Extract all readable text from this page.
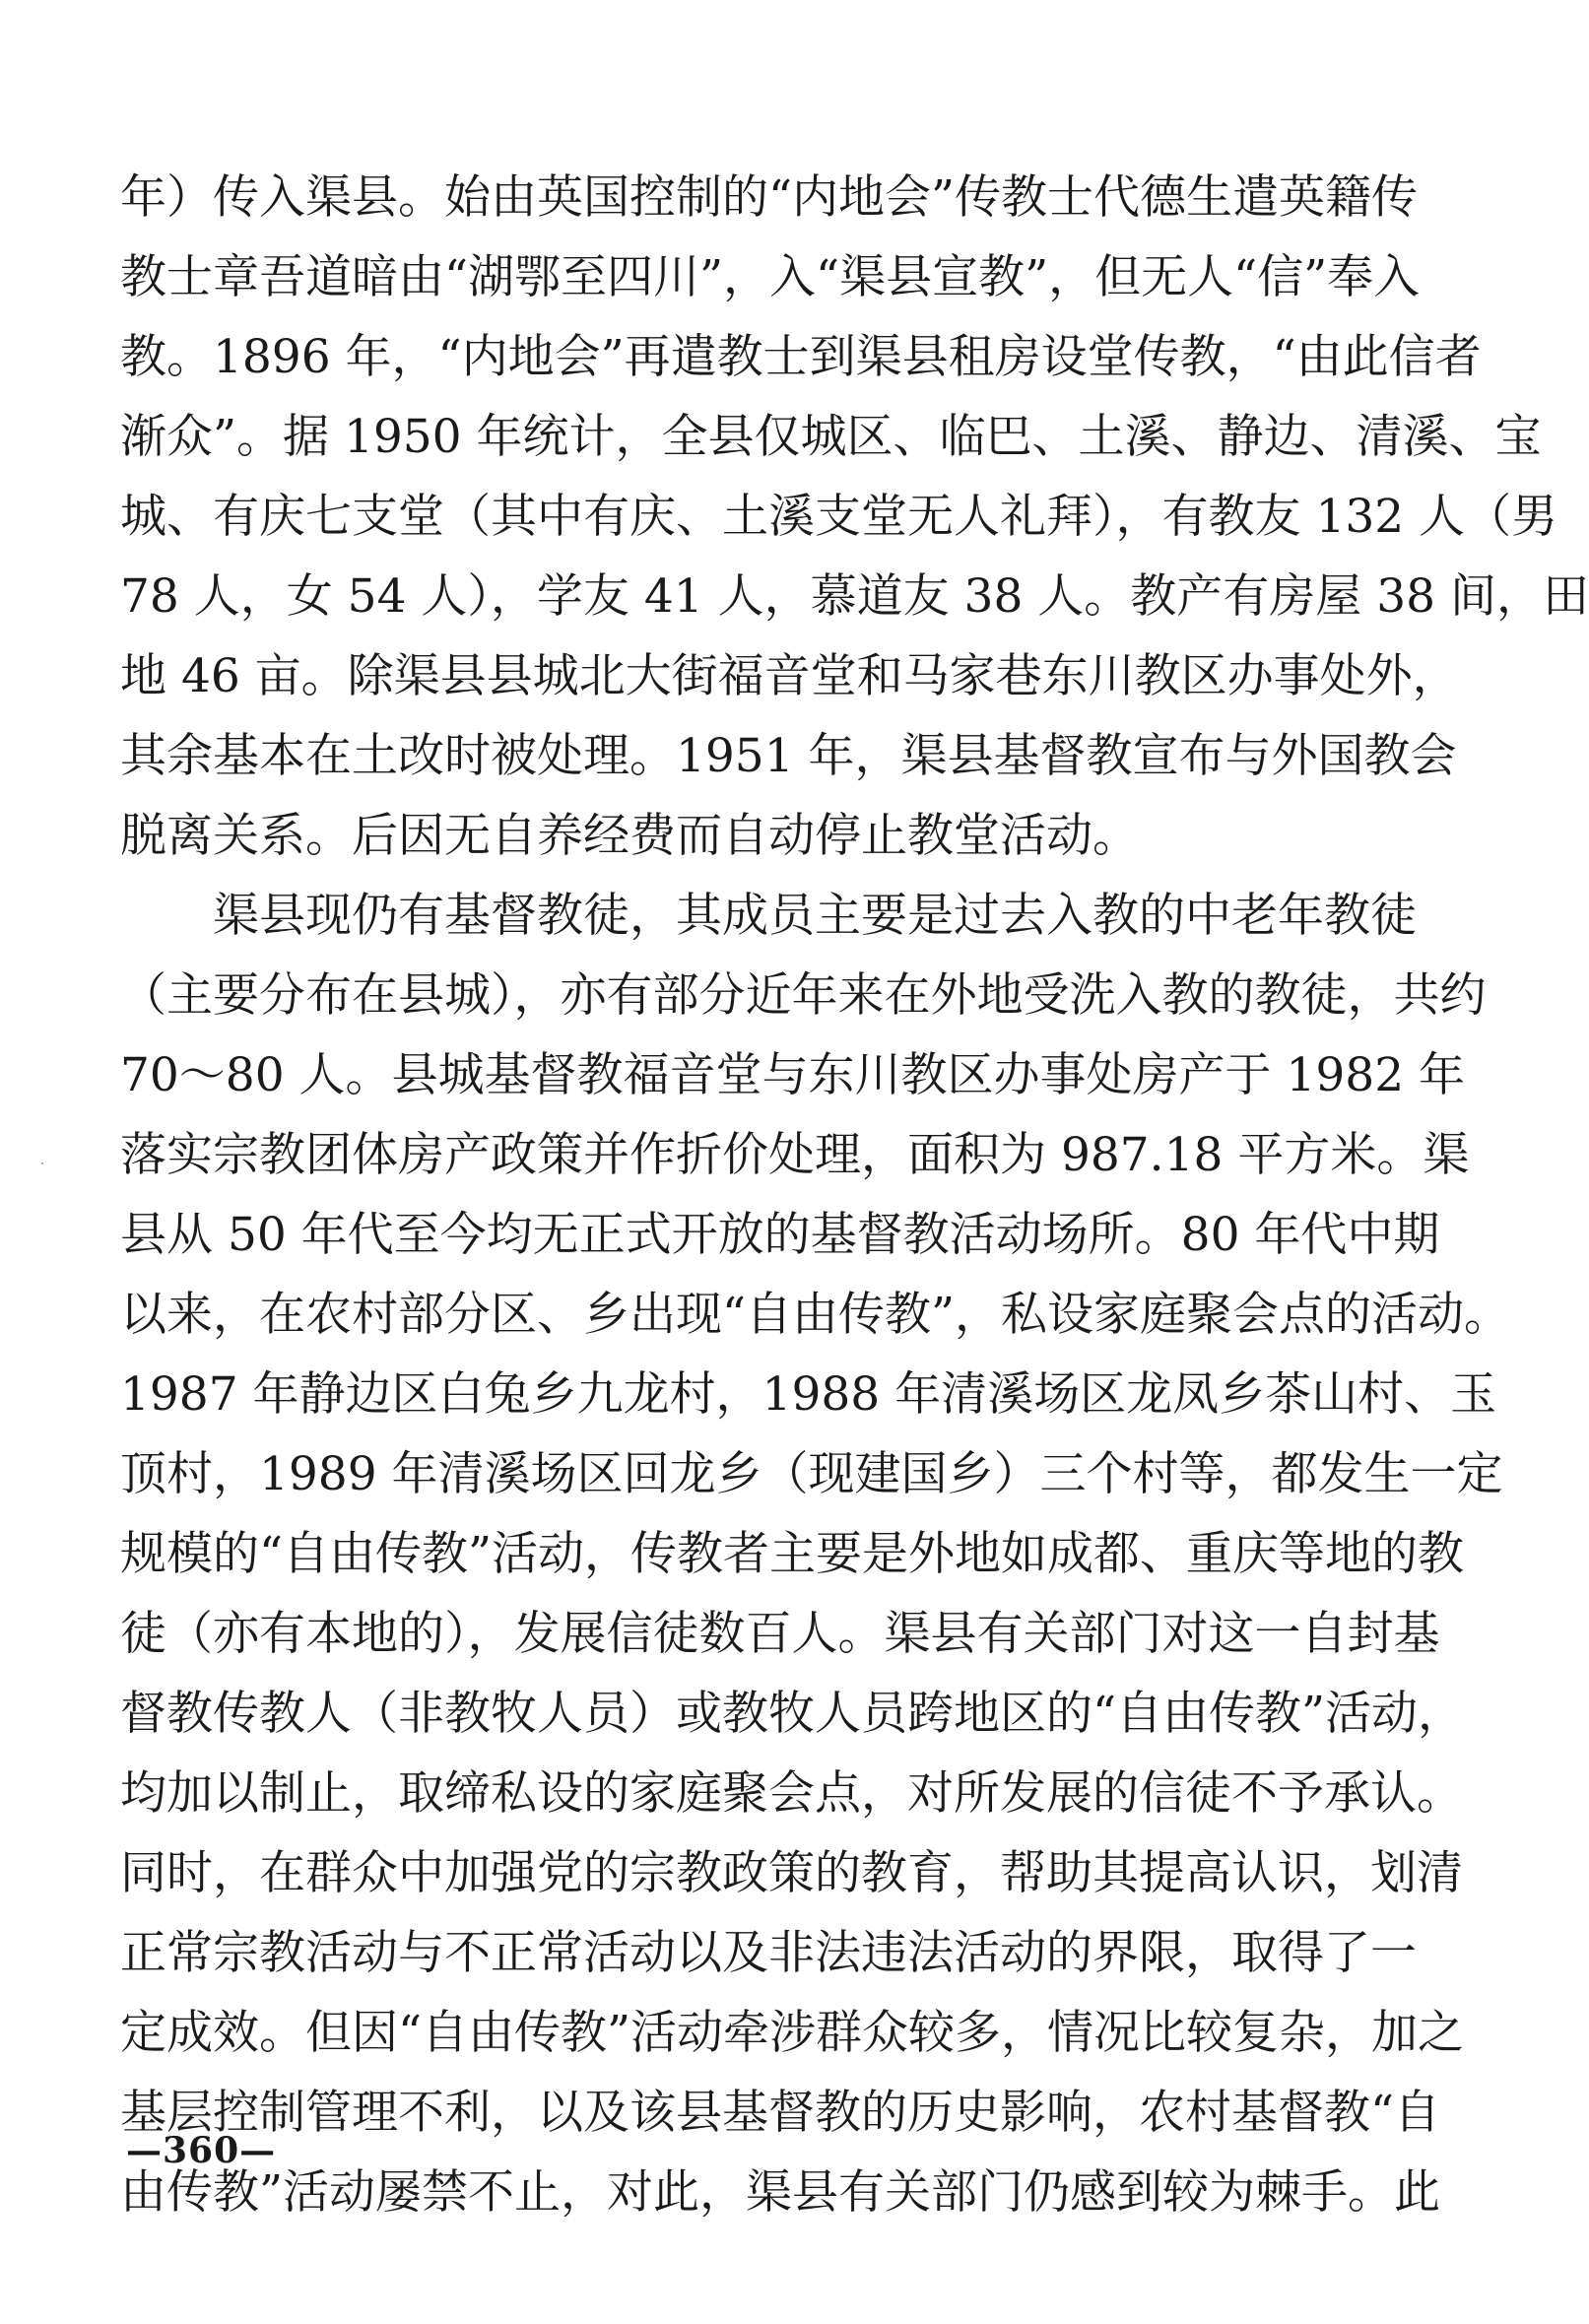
年）传入渠县。始由英国控制的“内地会”传教士代德生遣英籍传
教士章吾道暗由“湖鄂至四川”，入“渠县宣教”，但无人“信”奉入
教。1896 年，“内地会”再遣教士到渠县租房设堂传教，“由此信者
渐众”。据 1950 年统计，全县仅城区、临巴、土溪、静边、清溪、宝
城、有庆七支堂（其中有庆、土溪支堂无人礼拜），有教友 132 人（男
78 人，女 54 人），学友 41 人，慕道友 38 人。教产有房屋 38 间，田
地 46 亩。除渠县县城北大街福音堂和马家巷东川教区办事处外，
其余基本在土改时被处理。1951 年，渠县基督教宣布与外国教会
脱离关系。后因无自养经费而自动停止教堂活动。
渠县现仍有基督教徒，其成员主要是过去入教的中老年教徒
（主要分布在县城），亦有部分近年来在外地受洗入教的教徒，共约
70～80 人。县城基督教福音堂与东川教区办事处房产于 1982 年
落实宗教团体房产政策并作折价处理，面积为 987.18 平方米。渠
县从 50 年代至今均无正式开放的基督教活动场所。80 年代中期
以来，在农村部分区、乡出现“自由传教”，私设家庭聚会点的活动。
1987 年静边区白兔乡九龙村，1988 年清溪场区龙凤乡茶山村、玉
顶村，1989 年清溪场区回龙乡（现建国乡）三个村等，都发生一定
规模的“自由传教”活动，传教者主要是外地如成都、重庆等地的教
徒（亦有本地的），发展信徒数百人。渠县有关部门对这一自封基
督教传教人（非教牧人员）或教牧人员跨地区的“自由传教”活动，
均加以制止，取缔私设的家庭聚会点，对所发展的信徒不予承认。
同时，在群众中加强党的宗教政策的教育，帮助其提高认识，划清
正常宗教活动与不正常活动以及非法违法活动的界限，取得了一
定成效。但因“自由传教”活动牵涉群众较多，情况比较复杂，加之
基层控制管理不利，以及该县基督教的历史影响，农村基督教“自
由传教”活动屡禁不止，对此，渠县有关部门仍感到较为棘手。此
—360—
